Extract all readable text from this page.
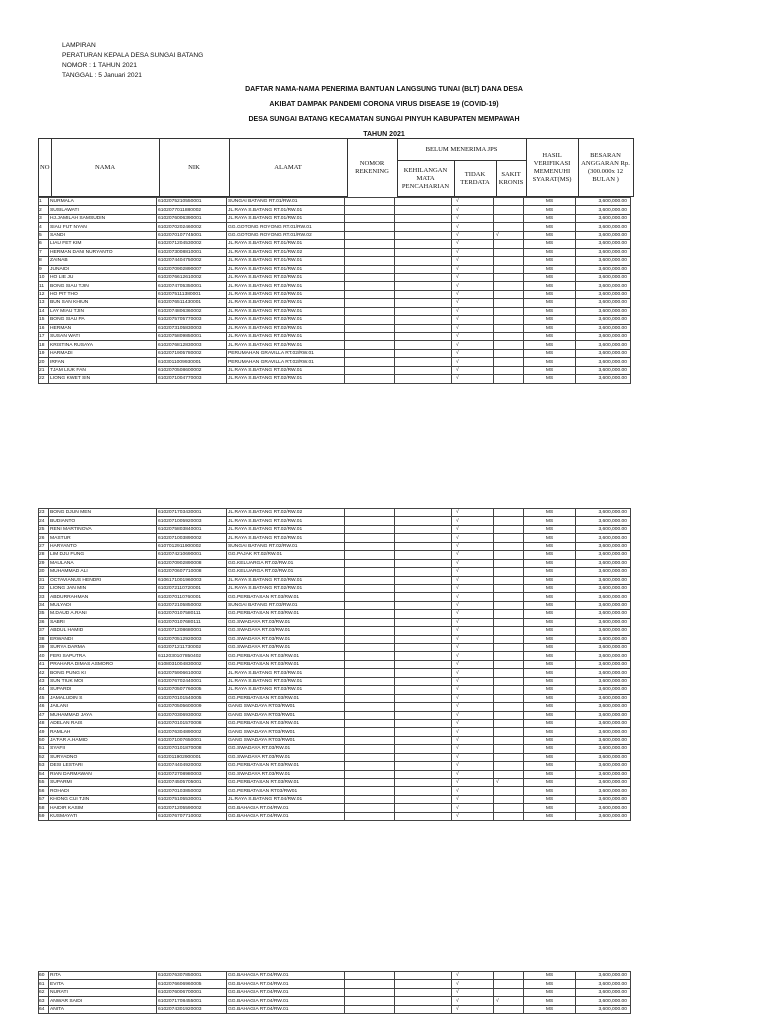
LAMPIRAN
PERATURAN KEPALA DESA SUNGAI BATANG
NOMOR : 1 TAHUN 2021
TANGGAL : 5 Januari 2021
DAFTAR NAMA-NAMA PENERIMA BANTUAN LANGSUNG TUNAI (BLT) DANA DESA
AKIBAT DAMPAK PANDEMI CORONA VIRUS DISEASE 19 (COVID-19)
DESA SUNGAI BATANG KECAMATAN SUNGAI PINYUH KABUPATEN MEMPAWAH
TAHUN 2021
NO	NAMA	NIK	ALAMAT	NOMOR REKENING	BELUM MENERIMA JPS			HASIL VERIFIKASI MEMENUHI SYARAT(MS)	BESARAN ANGGARAN Rp. (300.000x 12 BULAN )
					KEHILANGAN MATA PENCAHARIAN	TIDAK TERDATA	SAKIT KRONIS		
1	NURMALA	6102075210550001	SUNGAI BATANG RT.01/RW.01			√		MS	3,600,000.00
2	SUSILAWATI	6102077011880002	JL.RAYA S.BATANG RT.01/RW.01			√		MS	3,600,000.00
3	HJ.JAMILAH SAMSUDIN	6102076006390001	JL.RAYA S.BATANG RT.01/RW.01			√		MS	3,600,000.00
4	SIAU FUT NYAN	6102070202460002	GG.GOTONG ROYONG RT.01/RW.01			√		MS	3,600,000.00
5	SANDI	6102070107745001	GG.GOTONG ROYONG RT.01/RW.02			√	√	MS	3,600,000.00
6	LIAU FET KIM	6102071204530002	JL.RAYA S.BATANG RT.01/RW.01			√		MS	3,600,000.00
7	HERMAN DANI NURYANTO	6102073008810001	JL.RAYA S.BATANG RT.01/RW.02			√		MS	3,600,000.00
8	ZAINAB	6102074404750002	JL.RAYA S.BATANG RT.01/RW.01			√		MS	3,600,000.00
9	JUNAIDI	6102070902890007	JL.RAYA S.BATANG RT.01/RW.01			√		MS	3,600,000.00
10	HO LIE JU	6102076612610002	JL.RAYA S.BATANG RT.02/RW.01			√		MS	3,600,000.00
11	BONG SIAU TJIN	6102074705350001	JL.RAYA S.BATANG RT.02/RW.01			√		MS	3,600,000.00
12	HO PIT THO	6102075111380001	JL.RAYA S.BATANG RT.02/RW.01			√		MS	3,600,000.00
13	BUN SAN KHIUN	6102076511430001	JL.RAYA S.BATANG RT.02/RW.01			√		MS	3,600,000.00
14	LAY MIAU TJIN	6102074806360002	JL.RAYA S.BATANG RT.02/RW.01			√		MS	3,600,000.00
15	BONG SIAU PA	6102075705770003	JL.RAYA S.BATANG RT.02/RW.01			√		MS	3,600,000.00
16	HERMAN	6102073105830003	JL.RAYA S.BATANG RT.02/RW.01			√		MS	3,600,000.00
17	SUSAN WATI	6102075809850001	JL.RAYA S.BATANG RT.02/RW.01			√		MS	3,600,000.00
18	KRISTINA RUSAYA	6102076812830003	JL.RAYA S.BATANG RT.02/RW.01			√		MS	3,600,000.00
19	HARMADI	6102071905780002	PERUMAHAN GRAVILLA RT.02/RW.01			√		MS	3,600,000.00
20	IRFAN	6103011009930001	PERUMAHAN GRAVILLA RT.02/RW.01			√		MS	3,600,000.00
21	TJAM LIUK FAN	6102070508600002	JL.RAYA S.BATANG RT.02/RW.01			√		MS	3,600,000.00
22	LIONG KWET SIN	6102071004770003	JL.RAYA S.BATANG RT.02/RW.01			√		MS	3,600,000.00
23	BONG DJUN MEN	6102071703430001	JL.RAYA S.BATANG RT.02/RW.02			√		MS	3,600,000.00
24	BUDIANTO	6102071005920003	JL.RAYA S.BATANG RT.02/RW.01			√		MS	3,600,000.00
25	RENI MARTINOVA	6102075803840001	JL.RAYA S.BATANG RT.02/RW.01			√		MS	3,600,000.00
26	MASTUR	6102071003890002	JL.RAYA S.BATANG RT.02/RW.01			√		MS	3,600,000.00
27	HARYANTO	6107012911900002	SUNGAI BATANG RT.02/RW.01			√		MS	3,600,000.00
28	LIM DJU FUNG	6102074210690001	GG.PAJAK RT.02/RW.01			√		MS	3,600,000.00
29	MAULANA	6102070902890008	GG.KELUARGA RT.02/RW.01			√		MS	3,600,000.00
30	MUHAMMAD ALI	6102070607710008	GG.KELUARGA RT.02/RW.01			√		MS	3,600,000.00
31	OCTAVIANUS HENDRI	6106171001960003	JL.RAYA S.BATANG RT.02/RW.01			√		MS	3,600,000.00
32	LIONG JAN MIN	6102072110720001	JL.RAYA S.BATANG RT.02/RW.01			√		MS	3,600,000.00
33	ABDURRAHMAN	6102070110760001	GG.PERBATASAN RT.03/RW.01			√		MS	3,600,000.00
34	MULYADI	6102072105850002	SUNGAI BATANG RT.03/RW.01			√		MS	3,600,000.00
35	M.DAUD A.RANI	6102070107580111	GG.PERBATASAN RT.03/RW.01			√		MS	3,600,000.00
36	SABRI	6102070107680111	GG.SWADAYA RT.03/RW.01			√		MS	3,600,000.00
37	ABDUL HAMID	6102071208680001	GG.SWADAYA RT.03/RW.01			√		MS	3,600,000.00
38	ERWANDI	6102070512920003	GG.SWADAYA RT.03/RW.01			√		MS	3,600,000.00
39	SURYA DARMA	6102071211730002	GG.SWADAYA RT.03/RW.01			√		MS	3,600,000.00
40	FERI SAPUTRA	6112030107850402	GG.PERBATASAN RT.03/RW.01			√		MS	3,600,000.00
41	PRAHARA DIMAS ASMORO	6108031004830002	GG.PERBATASAN RT.03/RW.01			√		MS	3,600,000.00
42	BONG PUNG KI	6102075906610002	JL.RAYA S.BATANG RT.03/RW.01			√		MS	3,600,000.00
43	SUN TIUK MOI	6102076702440001	JL.RAYA S.BATANG RT.03/RW.01			√		MS	3,600,000.00
44	SUPARDI	6102070507760005	JL.RAYA S.BATANG RT.03/RW.01			√		MS	3,600,000.00
45	JAMALUDIN S	6102070101540005	GG.PERBATASAN RT.03/RW.01			√		MS	3,600,000.00
46	JAILANI	6102070505600009	GANG SWADAYA RT03/RW01			√		MS	3,600,000.00
47	MUHAMMAD JAYA	6102070306930002	GANG SWADAYA RT03/RW01			√		MS	3,600,000.00
48	ADELAN RAIS	6102070101570008	GG.PERBATASAN RT.03/RW.01			√		MS	3,600,000.00
49	RAMLAH	6102076304890002	GANG SWADAYA RT03/RW01			√		MS	3,600,000.00
50	JA'FAR A.HAMID	6102071007650001	GANG SWADAYA RT03/RW01			√		MS	3,600,000.00
51	SYAFII	6102070101870008	GG.SWADAYA RT.03/RW.01			√		MS	3,600,000.00
52	SURYADNO	6102011902900001	GG.SWADAYA RT.03/RW.01			√		MS	3,600,000.00
53	DESI LESTARI	6102074404920002	GG.PERBATASAN RT.03/RW.01			√		MS	3,600,000.00
54	RIAN DARMAWAN	6102072708980003	GG.SWADAYA RT.03/RW.01			√		MS	3,600,000.00
55	SUPARMI	6102074505705001	GG.PERBATASAN RT.03/RW.01			√	√	MS	3,600,000.00
56	ROHADI	6102070103850002	GG.PERBATASAN RT03/RW01			√		MS	3,600,000.00
57	KHONG CUI TJIN	6102075105530001	JL.RAYA S.BATANG RT.04/RW.01			√		MS	3,600,000.00
58	HAIDIR KASIM	6102071205590002	GG.BAHAGIA RT.04/RW.01			√		MS	3,600,000.00
59	KUSMAYATI	6102076707710002	GG.BAHAGIA RT.04/RW.01			√		MS	3,600,000.00
60	RITA	6102076307850001	GG.BAHAGIA RT.04/RW.01			√		MS	3,600,000.00
61	EVITA	6102076606960005	GG.BAHAGIA RT.04/RW.01			√		MS	3,600,000.00
62	NURATI	6102076006700001	GG.BAHAGIA RT.04/RW.01			√		MS	3,600,000.00
63	ANWAR SAIDI	6102071708455001	GG.BAHAGIA RT.04/RW.01			√	√	MS	3,600,000.00
64	ANITA	6102074301920003	GG.BAHAGIA RT.04/RW.01			√		MS	3,600,000.00
